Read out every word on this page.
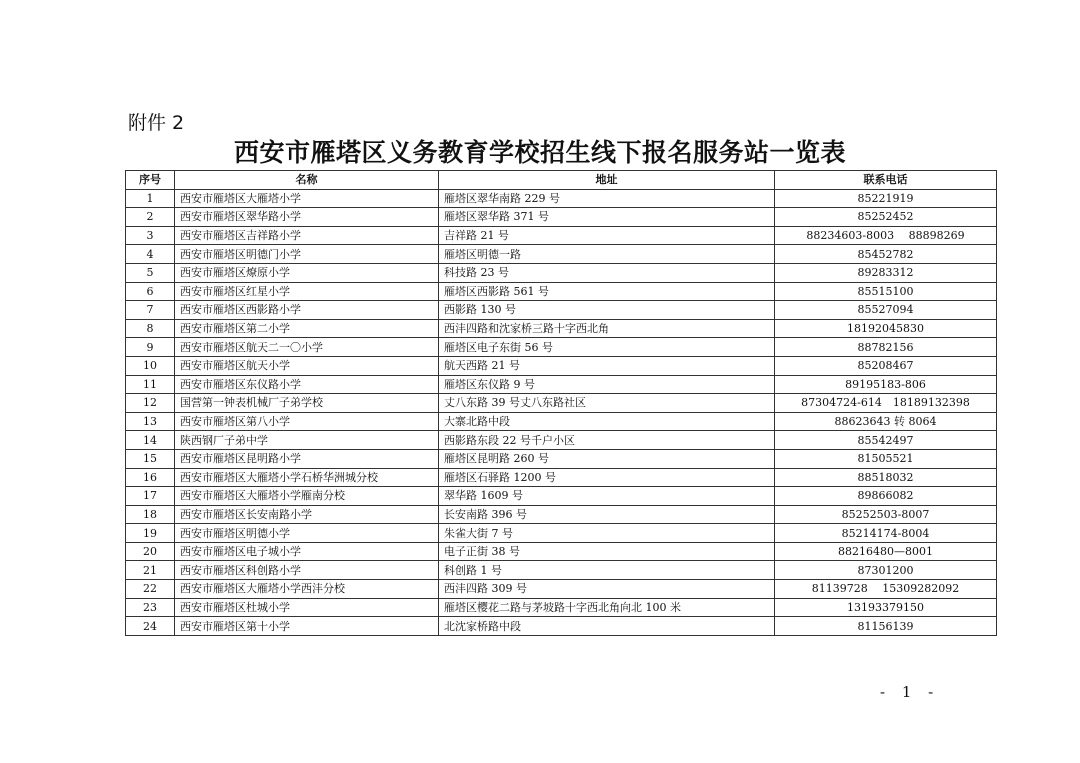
附件 2

西安市雁塔区义务教育学校招生线下报名服务站一览表
序号	名称	地址	联系电话
1	西安市雁塔区大雁塔小学	雁塔区翠华南路 229 号	85221919
2	西安市雁塔区翠华路小学	雁塔区翠华路 371 号	85252452
3	西安市雁塔区吉祥路小学	吉祥路 21 号	88234603-8003　 88898269
4	西安市雁塔区明德门小学	雁塔区明德一路	85452782
5	西安市雁塔区燎原小学	科技路 23 号	89283312
6	西安市雁塔区红星小学	雁塔区西影路 561 号	85515100
7	西安市雁塔区西影路小学	西影路 130 号	85527094
8	西安市雁塔区第二小学	西沣四路和沈家桥三路十字西北角	18192045830
9	西安市雁塔区航天二一〇小学	雁塔区电子东街 56 号	88782156
10	西安市雁塔区航天小学	航天西路 21 号	85208467
11	西安市雁塔区东仪路小学	雁塔区东仪路 9 号	89195183-806
12	国营第一钟表机械厂子弟学校	丈八东路 39 号丈八东路社区	87304724-614　18189132398
13	西安市雁塔区第八小学	大寨北路中段	88623643 转 8064
14	陕西钢厂子弟中学	西影路东段 22 号千户小区	85542497
15	西安市雁塔区昆明路小学	雁塔区昆明路 260 号	81505521
16	西安市雁塔区大雁塔小学石桥华洲城分校	雁塔区石驿路 1200 号	88518032
17	西安市雁塔区大雁塔小学雁南分校	翠华路 1609 号	89866082
18	西安市雁塔区长安南路小学	长安南路 396 号	85252503-8007
19	西安市雁塔区明德小学	朱雀大街 7 号	85214174-8004
20	西安市雁塔区电子城小学	电子正街 38 号	88216480—8001
21	西安市雁塔区科创路小学	科创路 1 号	87301200
22	西安市雁塔区大雁塔小学西沣分校	西沣四路 309 号	81139728　 15309282092
23	西安市雁塔区杜城小学	雁塔区樱花二路与茅坡路十字西北角向北 100 米	13193379150
24	西安市雁塔区第十小学	北沈家桥路中段	81156139

- 1 -
